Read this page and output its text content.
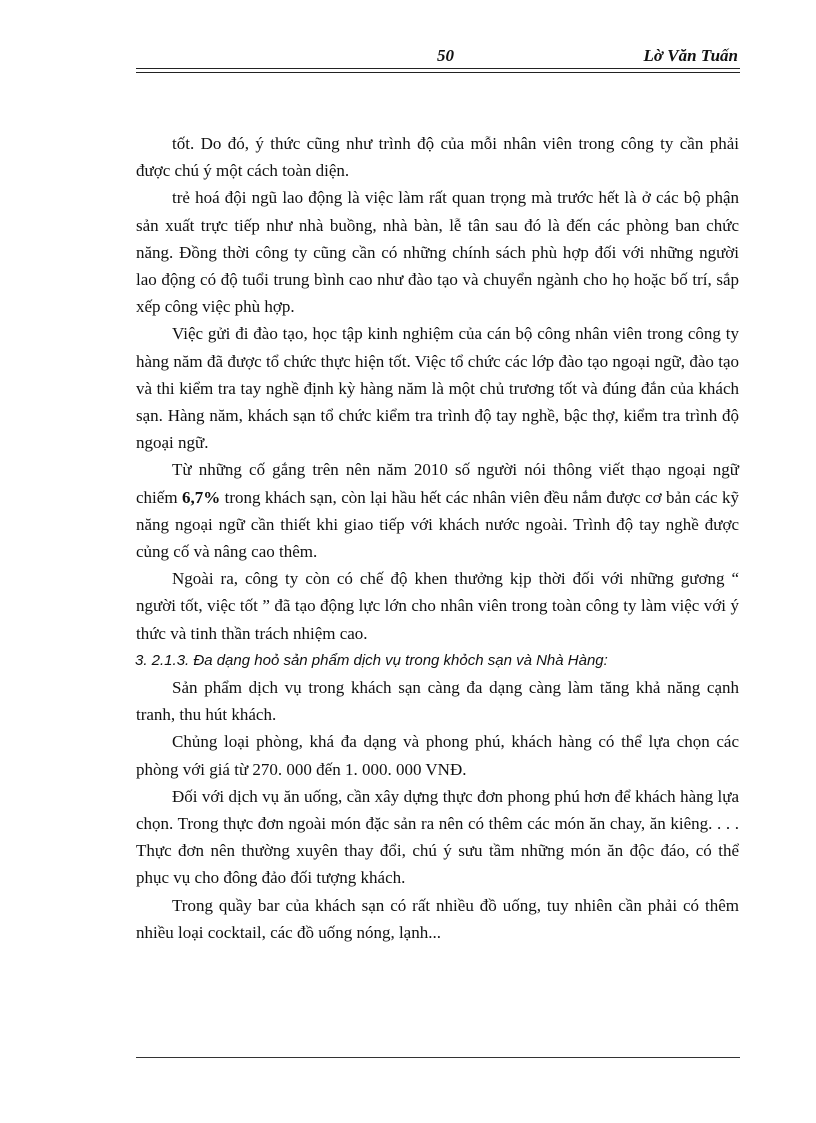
50	Lờ Văn Tuấn

tốt. Do đó, ý thức cũng như trình độ của mỗi nhân viên trong công ty cần phải được chú ý một cách toàn diện.

trẻ hoá đội ngũ lao động là việc làm rất quan trọng mà trước hết là ở các bộ phận sản xuất trực tiếp như nhà buồng, nhà bàn, lễ tân sau đó là đến các phòng ban chức năng. Đồng thời công ty cũng cần có những chính sách phù hợp đối với những người lao động có độ tuổi trung bình cao như đào tạo và chuyển ngành cho họ hoặc bố trí, sắp xếp công việc phù hợp.

Việc gửi đi đào tạo, học tập kinh nghiệm của cán bộ công nhân viên trong công ty hàng năm đã được tổ chức thực hiện tốt. Việc tổ chức các lớp đào tạo ngoại ngữ, đào tạo và thi kiểm tra tay nghề định kỳ hàng năm là một chủ trương tốt và đúng đắn của khách sạn. Hàng năm, khách sạn tổ chức kiểm tra trình độ tay nghề, bậc thợ, kiểm tra trình độ ngoại ngữ.

Từ những cố gắng trên nên năm 2010 số người nói thông viết thạo ngoại ngữ chiếm 6,7% trong khách sạn, còn lại hầu hết các nhân viên đều nắm được cơ bản các kỹ năng ngoại ngữ cần thiết khi giao tiếp với khách nước ngoài. Trình độ tay nghề được củng cố và nâng cao thêm.

Ngoài ra, công ty còn có chế độ khen thưởng kịp thời đối với những gương “ người tốt, việc tốt ” đã tạo động lực lớn cho nhân viên trong toàn công ty làm việc với ý thức và tinh thần trách nhiệm cao.

3. 2.1.3. Đa dạng hoỏ sản phẩm dịch vụ trong khỏch sạn và Nhà Hàng:

Sản phẩm dịch vụ trong khách sạn càng đa dạng càng làm tăng khả năng cạnh tranh, thu hút khách.

Chủng loại phòng, khá đa dạng và phong phú, khách hàng có thể lựa chọn các phòng với giá từ 270. 000 đến 1. 000. 000 VNĐ.

Đối với dịch vụ ăn uống, cần xây dựng thực đơn phong phú hơn để khách hàng lựa chọn. Trong thực đơn ngoài món đặc sản ra nên có thêm các món ăn chay, ăn kiêng. . . . Thực đơn nên thường xuyên thay đổi, chú ý sưu tầm những món ăn độc đáo, có thể phục vụ cho đông đảo đối tượng khách.

Trong quầy bar của khách sạn có rất nhiều đồ uống, tuy nhiên cần phải có thêm nhiều loại cocktail, các đồ uống nóng, lạnh...
